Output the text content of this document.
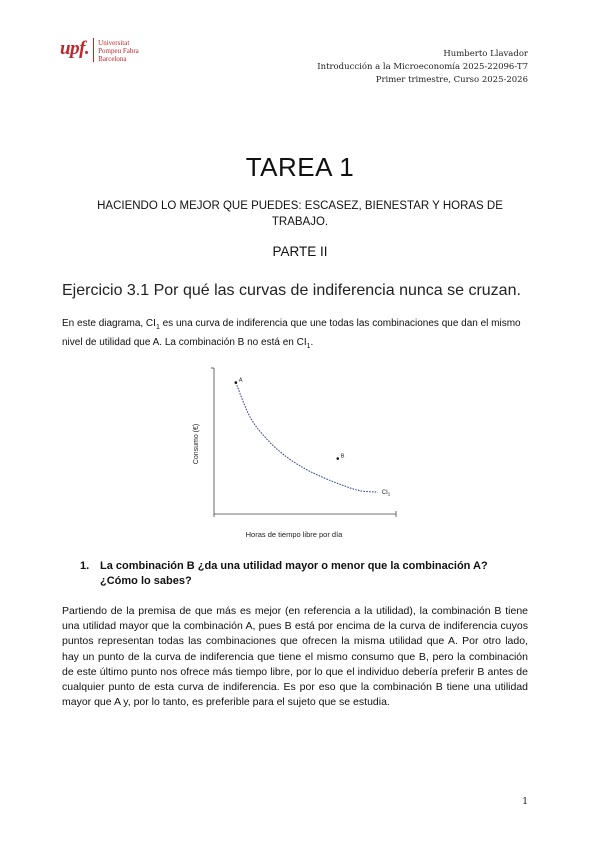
upf.	Universitat
Pompeu Fabra
Barcelona	Humberto Llavador
Introducción a la Microeconomía 2025-22096-T7
Primer trimestre, Curso 2025-2026
TAREA 1
HACIENDO LO MEJOR QUE PUEDES: ESCASEZ, BIENESTAR Y HORAS DE TRABAJO.
PARTE II
Ejercicio 3.1 Por qué las curvas de indiferencia nunca se cruzan.
En este diagrama, $CI_1$ es una curva de indiferencia que une todas las combinaciones que dan el mismo nivel de utilidad que A. La combinación B no está en $CI_1$.
A
B
$CI_1$
Horas de tiempo libre por día
Consumo (€)
1. La combinación B ¿da una utilidad mayor o menor que la combinación A? ¿Cómo lo sabes?
Partiendo de la premisa de que más es mejor (en referencia a la utilidad), la combinación B tiene una utilidad mayor que la combinación A, pues B está por encima de la curva de indiferencia cuyos puntos representan todas las combinaciones que ofrecen la misma utilidad que A. Por otro lado, hay un punto de la curva de indiferencia que tiene el mismo consumo que B, pero la combinación de este último punto nos ofrece más tiempo libre, por lo que el individuo debería preferir B antes de cualquier punto de esta curva de indiferencia. Es por eso que la combinación B tiene una utilidad mayor que A y, por lo tanto, es preferible para el sujeto que se estudia.
1
